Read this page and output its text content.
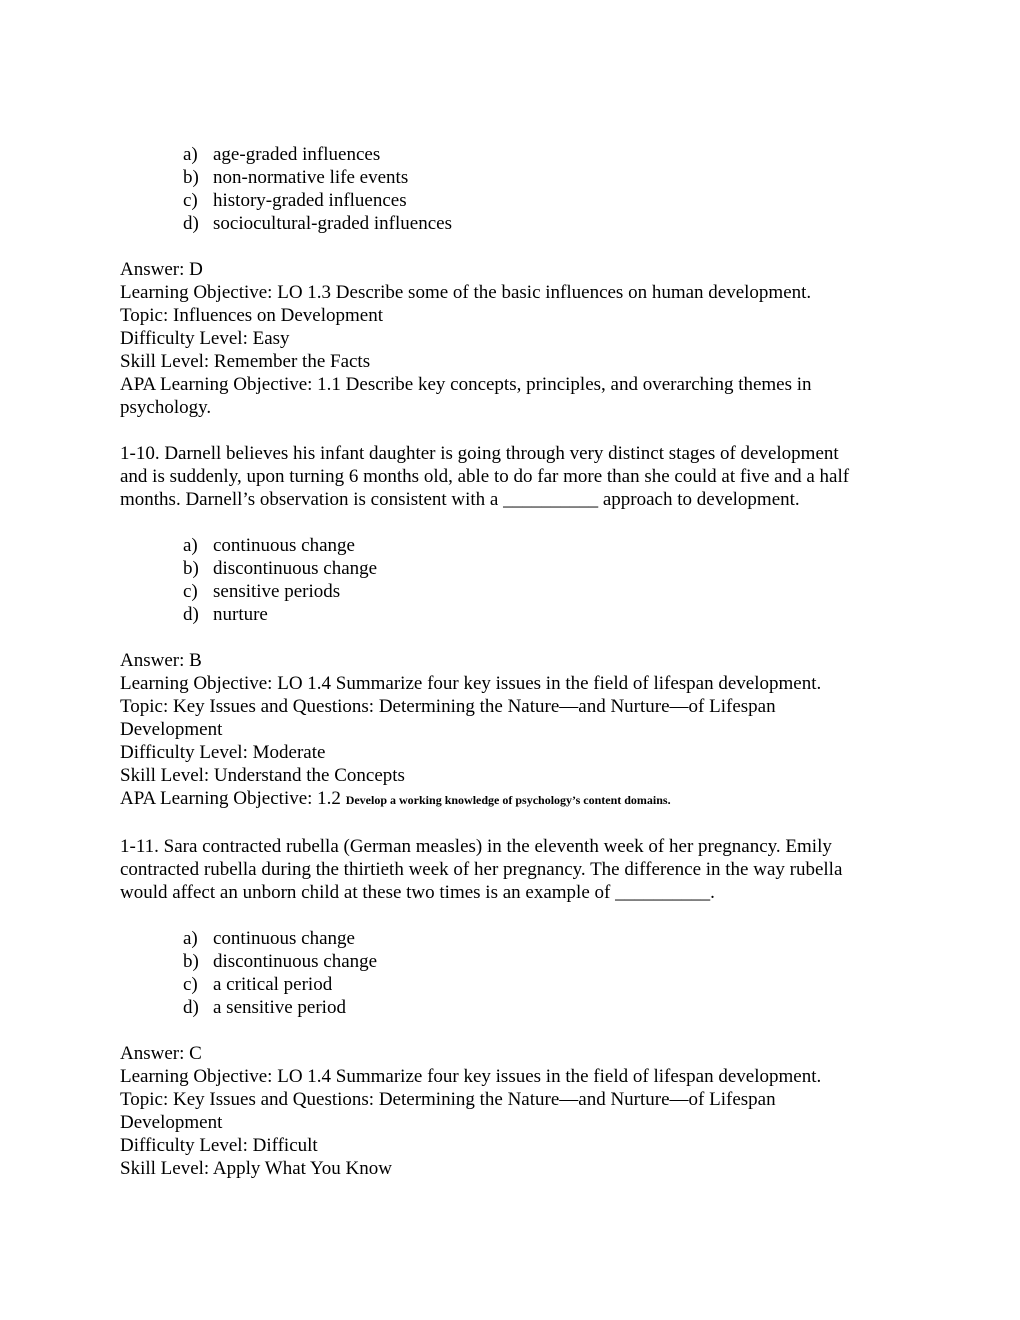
a) age-graded influences
b) non-normative life events
c) history-graded influences
d) sociocultural-graded influences
Answer: D
Learning Objective: LO 1.3 Describe some of the basic influences on human development.
Topic: Influences on Development
Difficulty Level: Easy
Skill Level: Remember the Facts
APA Learning Objective: 1.1 Describe key concepts, principles, and overarching themes in
psychology.
1-10. Darnell believes his infant daughter is going through very distinct stages of development
and is suddenly, upon turning 6 months old, able to do far more than she could at five and a half
months. Darnell’s observation is consistent with a __________ approach to development.
a) continuous change
b) discontinuous change
c) sensitive periods
d) nurture
Answer: B
Learning Objective: LO 1.4 Summarize four key issues in the field of lifespan development.
Topic: Key Issues and Questions: Determining the Nature—and Nurture—of Lifespan
Development
Difficulty Level: Moderate
Skill Level: Understand the Concepts
APA Learning Objective: 1.2 Develop a working knowledge of psychology’s content domains.
1-11. Sara contracted rubella (German measles) in the eleventh week of her pregnancy. Emily
contracted rubella during the thirtieth week of her pregnancy. The difference in the way rubella
would affect an unborn child at these two times is an example of __________.
a) continuous change
b) discontinuous change
c) a critical period
d) a sensitive period
Answer: C
Learning Objective: LO 1.4 Summarize four key issues in the field of lifespan development.
Topic: Key Issues and Questions: Determining the Nature—and Nurture—of Lifespan
Development
Difficulty Level: Difficult
Skill Level: Apply What You Know
